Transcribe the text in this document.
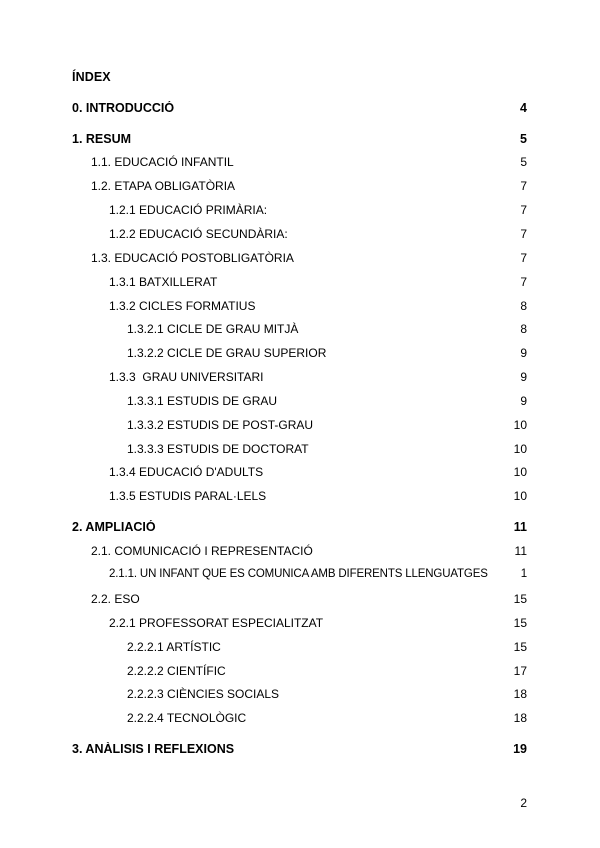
ÍNDEX
0. INTRODUCCIÓ	4
1. RESUM	5
1.1. EDUCACIÓ INFANTIL	5
1.2. ETAPA OBLIGATÒRIA	7
1.2.1 EDUCACIÓ PRIMÀRIA:	7
1.2.2 EDUCACIÓ SECUNDÀRIA:	7
1.3. EDUCACIÓ POSTOBLIGATÒRIA	7
1.3.1 BATXILLERAT	7
1.3.2 CICLES FORMATIUS	8
1.3.2.1 CICLE DE GRAU MITJÀ	8
1.3.2.2 CICLE DE GRAU SUPERIOR	9
1.3.3  GRAU UNIVERSITARI	9
1.3.3.1 ESTUDIS DE GRAU	9
1.3.3.2 ESTUDIS DE POST-GRAU	10
1.3.3.3 ESTUDIS DE DOCTORAT	10
1.3.4 EDUCACIÓ D'ADULTS	10
1.3.5 ESTUDIS PARAL·LELS	10
2. AMPLIACIÓ	11
2.1. COMUNICACIÓ I REPRESENTACIÓ	11
2.1.1. UN INFANT QUE ES COMUNICA AMB DIFERENTS LLENGUATGES	1
2.2. ESO	15
2.2.1 PROFESSORAT ESPECIALITZAT	15
2.2.2.1 ARTÍSTIC	15
2.2.2.2 CIENTÍFIC	17
2.2.2.3 CIÈNCIES SOCIALS	18
2.2.2.4 TECNOLÒGIC	18
3. ANÀLISIS I REFLEXIONS	19
2
